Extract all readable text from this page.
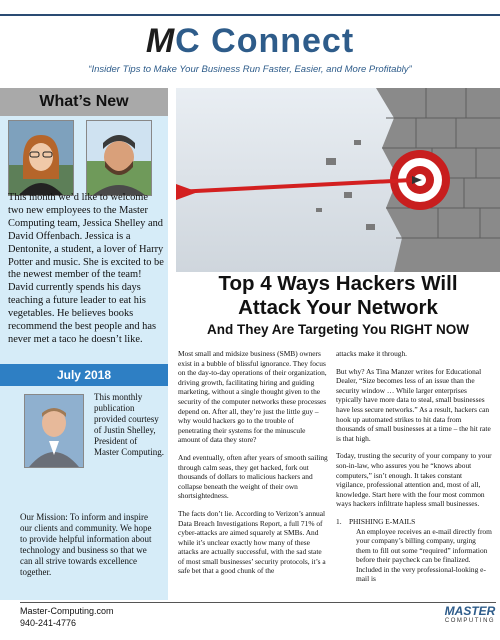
MC Connect
“Insider Tips to Make Your Business Run Faster, Easier, and More Profitably”
What’s New
This month we’d like to welcome two new employees to the Master Computing team, Jessica Shelley and David Offenbach. Jessica is a Dentonite, a student, a lover of Harry Potter and music. She is excited to be the newest member of the team! David currently spends his days teaching a future leader to eat his vegetables. He believes books recommend the best people and has never met a taco he doesn’t like.
July 2018
This monthly publication provided courtesy of Justin Shelley, President of Master Computing.
Our Mission: To inform and inspire our clients and community. We hope to provide helpful information about technology and business so that we can all strive towards excellence together.
Top 4 Ways Hackers Will
Attack Your Network
And They Are Targeting You RIGHT NOW

Most small and midsize business (SMB) owners exist in a bubble of blissful ignorance. They focus on the day-to-day operations of their organization, driving growth, facilitating hiring and guiding marketing, without a single thought given to the security of the computer networks these processes depend on. After all, they’re just the little guy – why would hackers go to the trouble of penetrating their systems for the minuscule amount of data they store?

And eventually, often after years of smooth sailing through calm seas, they get hacked, fork out thousands of dollars to malicious hackers and collapse beneath the weight of their own shortsightedness.

The facts don’t lie. According to Verizon’s annual Data Breach Investigations Report, a full 71% of cyber-attacks are aimed squarely at SMBs. And while it’s unclear exactly how many of these attacks are actually successful, with the sad state of most small businesses’ security protocols, it’s a safe bet that a good chunk of the

attacks make it through.

But why? As Tina Manzer writes for Educational Dealer, “Size becomes less of an issue than the security window … While larger enterprises typically have more data to steal, small businesses have less secure networks.” As a result, hackers can hook up automated strikes to hit data from thousands of small businesses at a time – the hit rate is that high.

Today, trusting the security of your company to your son-in-law, who assures you he “knows about computers,” isn’t enough. It takes constant vigilance, professional attention and, most of all, knowledge. Start here with the four most common ways hackers infiltrate hapless small businesses.

1. PHISHING E-MAILS
An employee receives an e-mail directly from your company’s billing company, urging them to fill out some “required” information before their paycheck can be finalized. Included in the very professional-looking e-mail is
Master-Computing.com
940-241-4776
MASTER
COMPUTING
